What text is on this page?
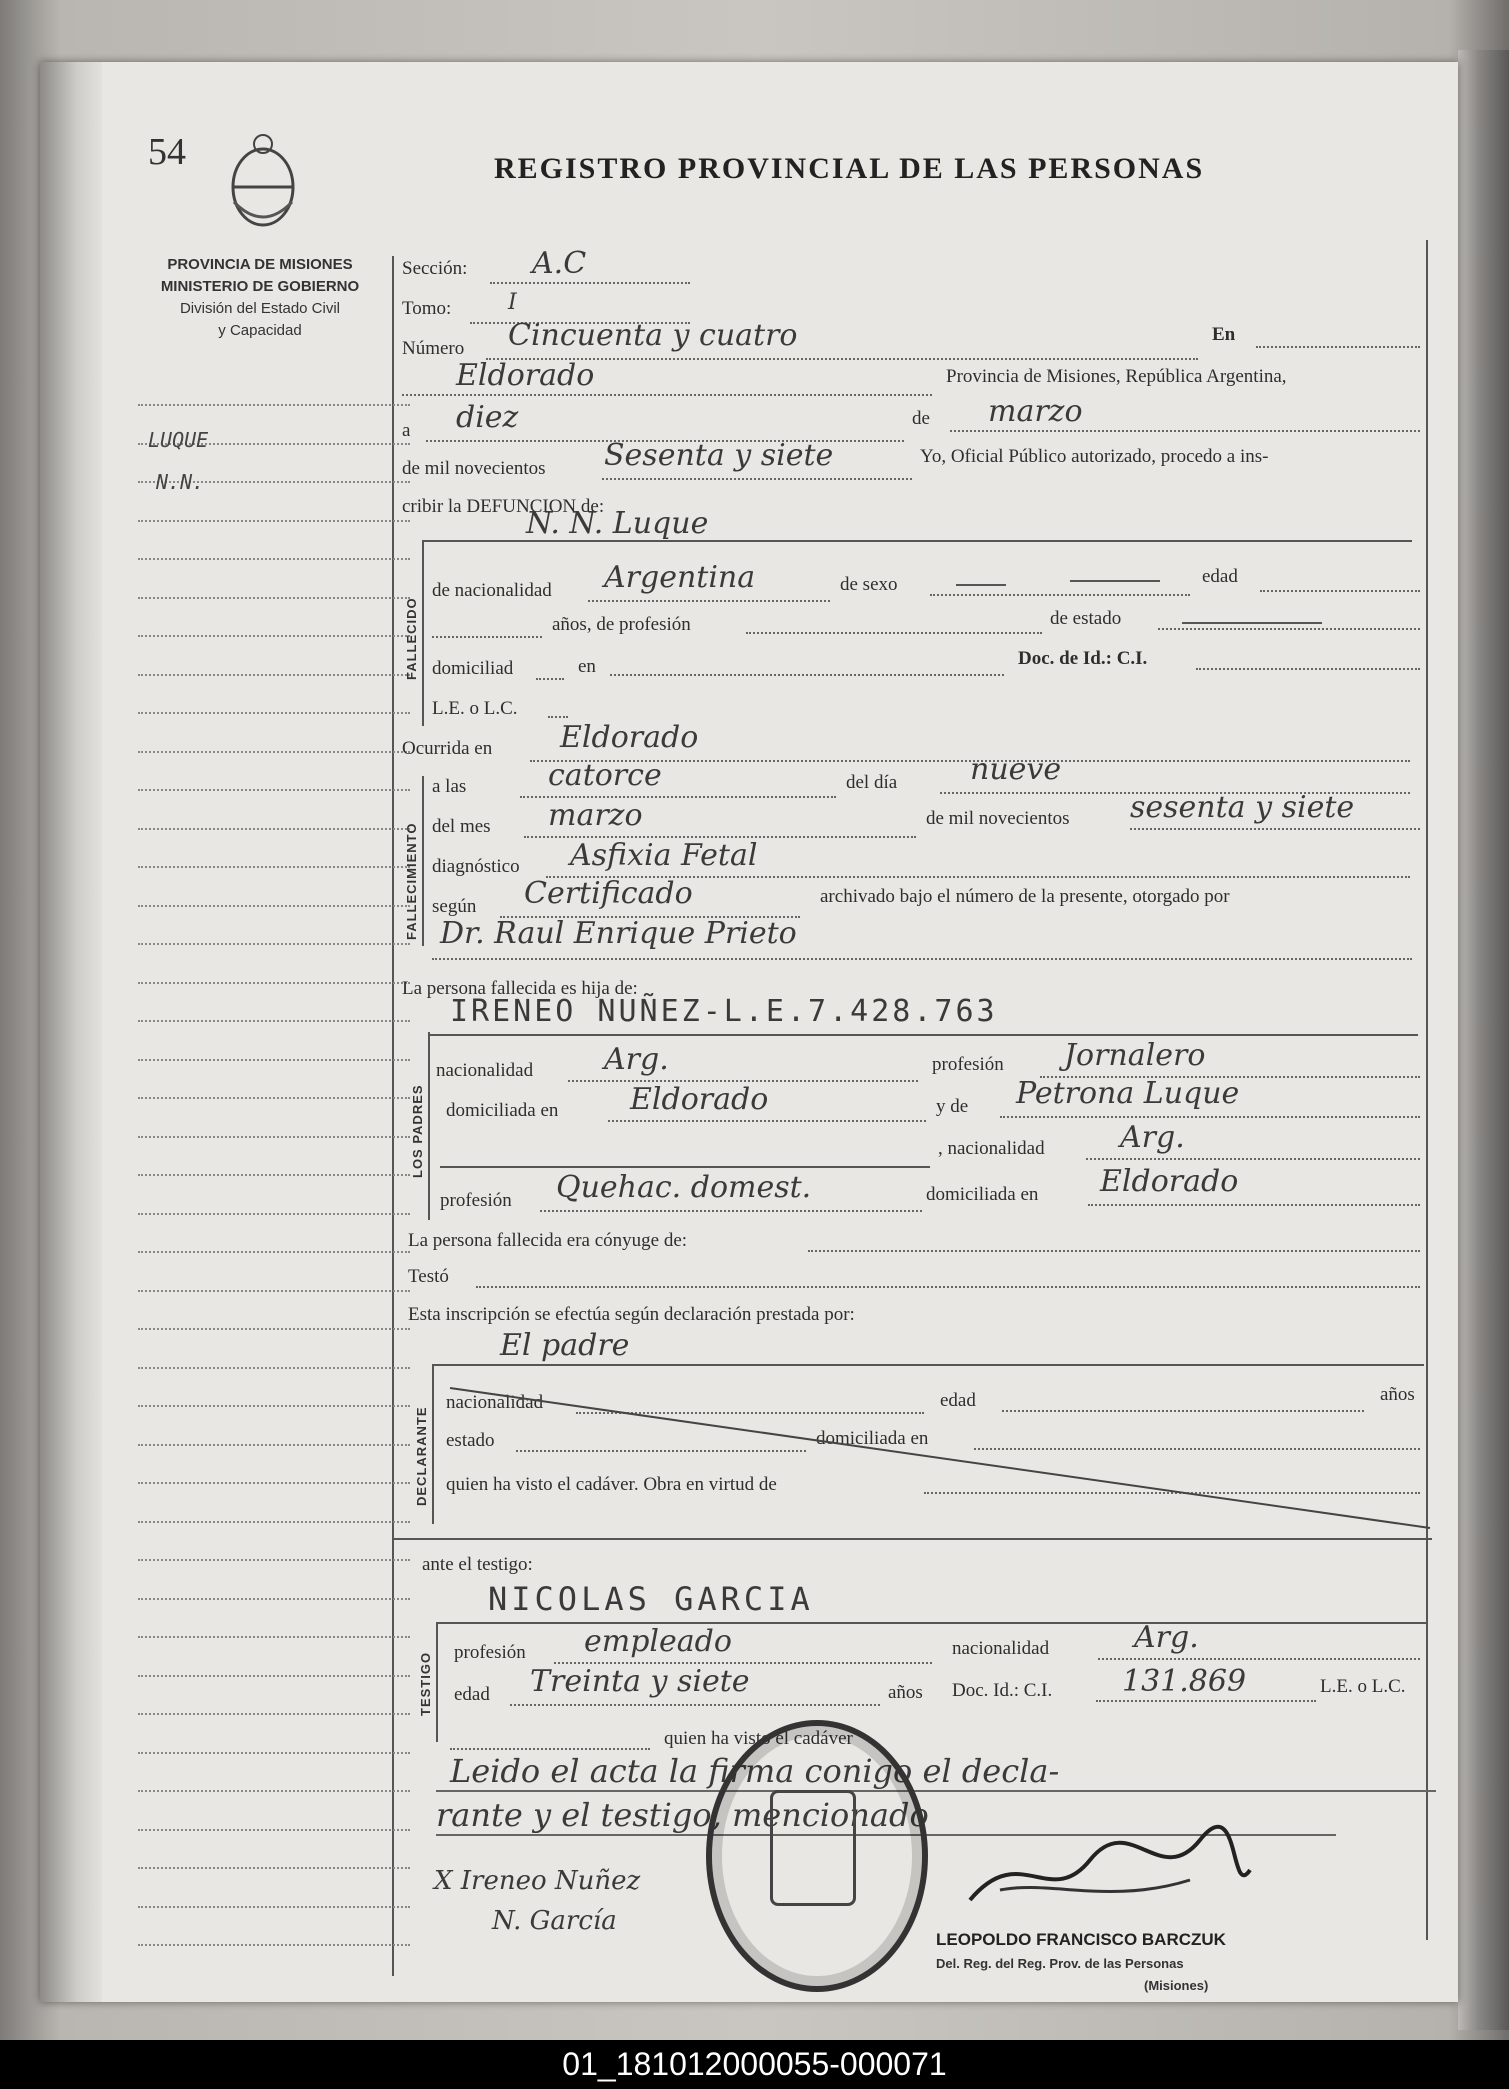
54	REGISTRO PROVINCIAL DE LAS PERSONAS
PROVINCIA DE MISIONES
MINISTERIO DE GOBIERNO
División del Estado Civil
y Capacidad
LUQUE
N.N.
Sección: A.C
Tomo:	I
Número Cincuenta y cuatro	En
Eldorado	Provincia de Misiones, República Argentina,
a diez	de marzo
de mil novecientos Sesenta y siete	Yo, Oficial Público autorizado, procedo a ins-
cribir la DEFUNCION de:
FALLECIDO
N. N. Luque
de nacionalidad Argentina	de sexo	edad
años, de profesión	de estado
domiciliad	en	Doc. de Id.: C.I.
L.E. o L.C.
Ocurrida en Eldorado
FALLECIMIENTO
a las	catorce	del día nueve
del mes marzo	de mil novecientos sesenta y siete
diagnóstico Asfixia Fetal
según Certificado	archivado bajo el número de la presente, otorgado por
Dr. Raul Enrique Prieto
La persona fallecida es hija de:
LOS PADRES
IRENEO NUÑEZ-L.E.7.428.763
nacionalidad Arg.	profesión Jornalero
domiciliada en Eldorado	y de Petrona Luque
, nacionalidad	Arg.
profesión Quehac. domest.	domiciliada en Eldorado
La persona fallecida era cónyuge de:
Testó
Esta inscripción se efectúa según declaración prestada por:
DECLARANTE
El padre
nacionalidad	edad	años
estado	domiciliada en
quien ha visto el cadáver. Obra en virtud de
ante el testigo:
TESTIGO
NICOLAS GARCIA
profesión empleado	nacionalidad	Arg.
edad Treinta y siete	años Doc. Id.: C.I. 131.869	L.E. o L.C.
quien ha visto el cadáver
Leido el acta la firma conigo el decla-
rante y el testigo, mencionado
X Ireneo Nuñez
N. García
LEOPOLDO FRANCISCO BARCZUK
Del. Reg. del Reg. Prov. de las Personas
(Misiones)
01_181012000055-000071
